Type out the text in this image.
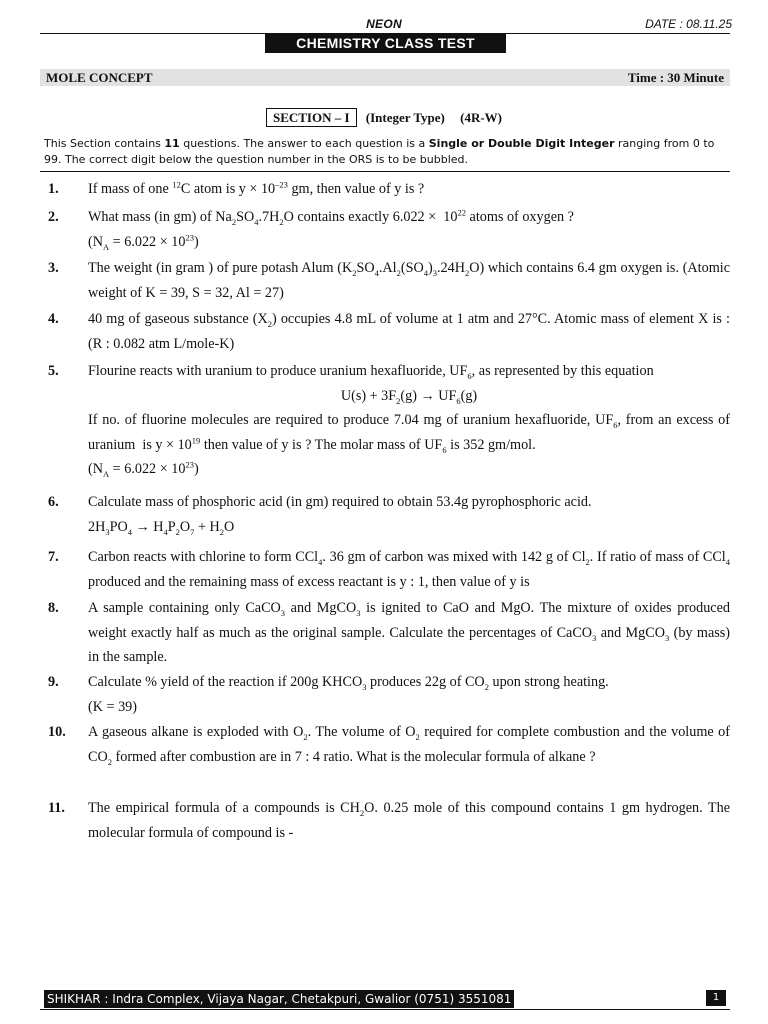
NEON	DATE : 08.11.25
CHEMISTRY CLASS TEST
MOLE CONCEPT	Time : 30 Minute
SECTION – I (Integer Type) (4R-W)
This Section contains 11 questions. The answer to each question is a Single or Double Digit Integer ranging from 0 to 99. The correct digit below the question number in the ORS is to be bubbled.
1. If mass of one $^{12}$C atom is $y \times 10^{-23}$ gm, then value of y is ?
2. What mass (in gm) of $Na_2SO_4.7H_2O$ contains exactly $6.022 \times 10^{22}$ atoms of oxygen ?
$(N_A = 6.022 \times 10^{23})$
3. The weight (in gram ) of pure potash Alum $(K_2SO_4.Al_2(SO_4)_3.24H_2O)$ which contains 6.4 gm oxygen is. (Atomic weight of K = 39, S = 32, Al = 27)
4. 40 mg of gaseous substance $(X_2)$ occupies 4.8 mL of volume at 1 atm and 27°C. Atomic mass of element X is : (R : 0.082 atm L/mole-K)
5. Flourine reacts with uranium to produce uranium hexafluoride, $UF_6$, as represented by this equation
$U(s) + 3F_2(g) \to UF_6(g)$
If no. of fluorine molecules are required to produce 7.04 mg of uranium hexafluoride, $UF_6$, from an excess of uranium  is $y \times 10^{19}$ then value of y is ? The molar mass of $UF_6$ is 352 gm/mol.
$(N_A = 6.022 \times 10^{23})$
6. Calculate mass of phosphoric acid (in gm) required to obtain 53.4g pyrophosphoric acid.
$2H_3PO_4 \to H_4P_2O_7 + H_2O$
7. Carbon reacts with chlorine to form CCl$_4$. 36 gm of carbon was mixed with 142 g of $Cl_2$. If ratio of mass of CCl$_4$ produced and the remaining mass of excess reactant is y : 1, then value of y is
8. A sample containing only CaCO$_3$ and MgCO$_3$ is ignited to CaO and MgO. The mixture of oxides produced weight exactly half as much as the original sample. Calculate the percentages of CaCO$_3$ and MgCO$_3$ (by mass) in the sample.
9. Calculate % yield of the reaction if 200g $KHCO_3$ produces 22g of $CO_2$ upon strong heating.
(K = 39)
10. A gaseous alkane is exploded with $O_2$. The volume of $O_2$ required for complete combustion and the volume of $CO_2$ formed after combustion are in 7 : 4 ratio. What is the molecular formula of alkane ?
11. The empirical formula of a compounds is $CH_2O$. 0.25 mole of this compound contains 1 gm hydrogen. The molecular formula of compound is -
SHIKHAR : Indra Complex, Vijaya Nagar, Chetakpuri, Gwalior (0751) 3551081	1
